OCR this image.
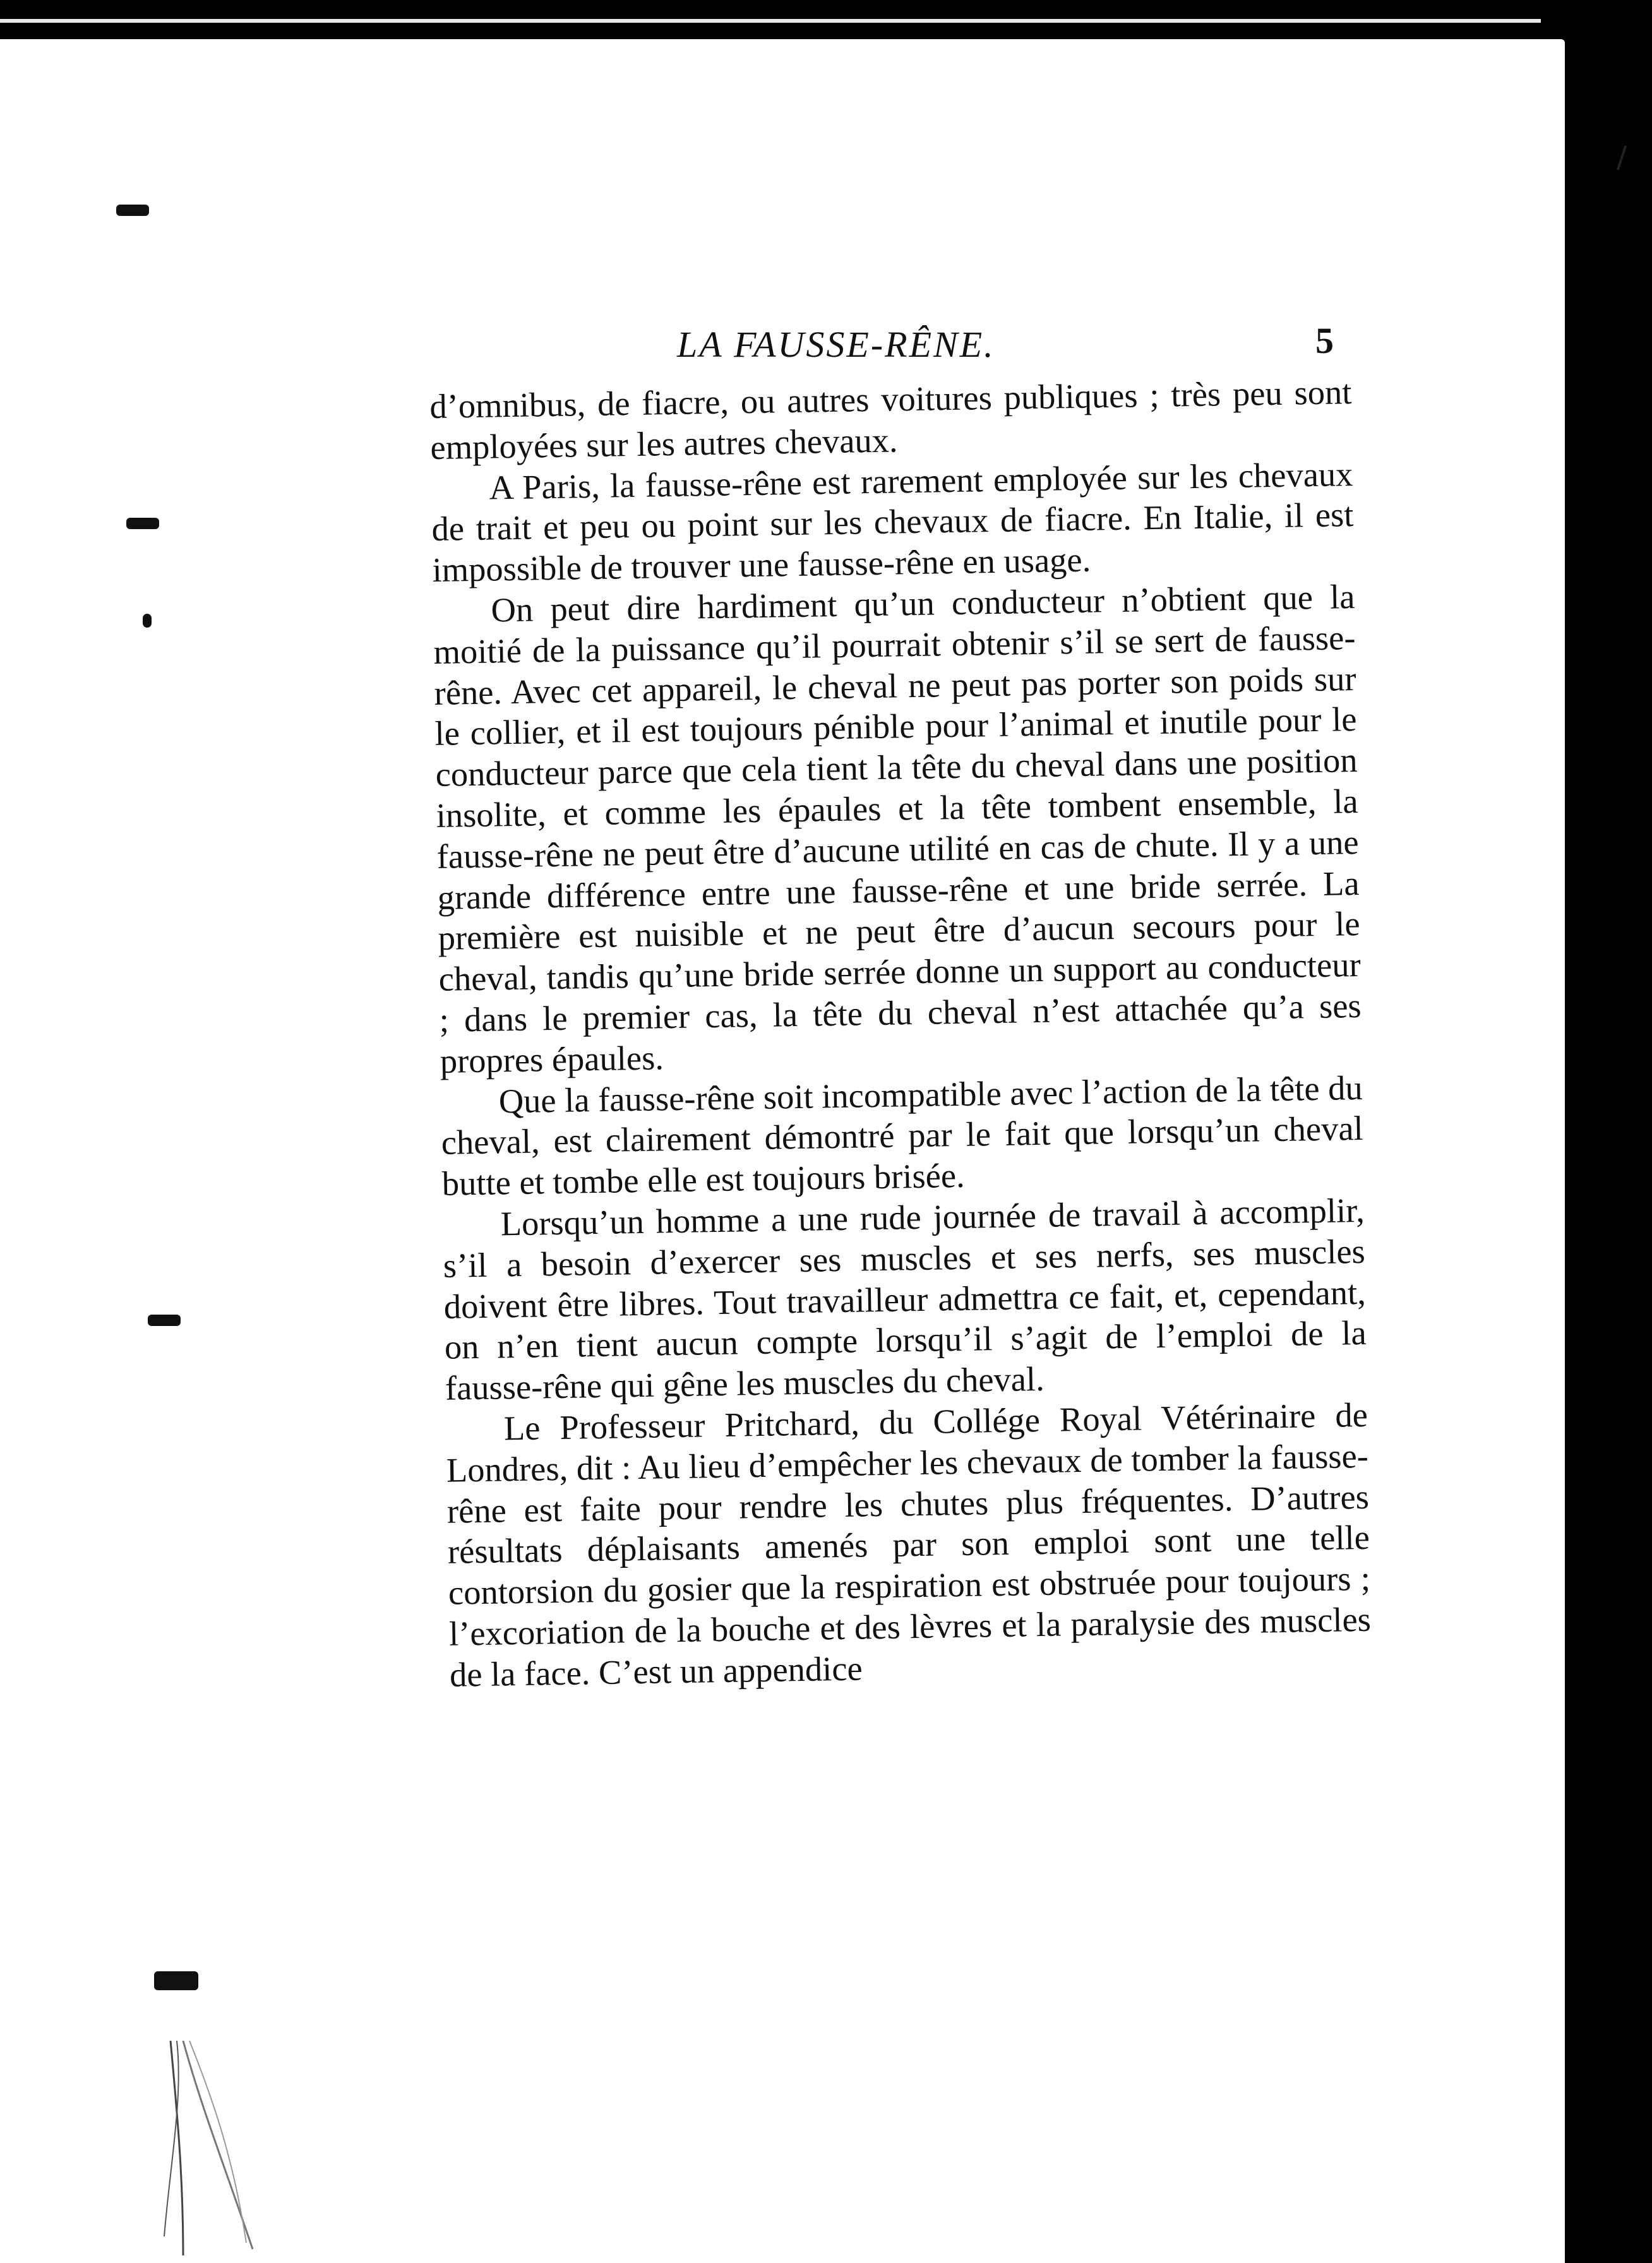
LA FAUSSE-RÊNE.	5

d’omnibus, de fiacre, ou autres voitures publiques ; très peu sont employées sur les autres chevaux.

A Paris, la fausse-rêne est rarement employée sur les chevaux de trait et peu ou point sur les chevaux de fiacre. En Italie, il est impossible de trouver une fausse-rêne en usage.

On peut dire hardiment qu’un conducteur n’obtient que la moitié de la puissance qu’il pourrait obtenir s’il se sert de fausse-rêne. Avec cet appareil, le cheval ne peut pas porter son poids sur le collier, et il est toujours pénible pour l’animal et inutile pour le conducteur parce que cela tient la tête du cheval dans une position insolite, et comme les épaules et la tête tombent ensemble, la fausse-rêne ne peut être d’aucune utilité en cas de chute. Il y a une grande différence entre une fausse-rêne et une bride serrée. La première est nuisible et ne peut être d’aucun secours pour le cheval, tandis qu’une bride serrée donne un support au conducteur ; dans le premier cas, la tête du cheval n’est attachée qu’a ses propres épaules.

Que la fausse-rêne soit incompatible avec l’action de la tête du cheval, est clairement démontré par le fait que lorsqu’un cheval butte et tombe elle est toujours brisée.

Lorsqu’un homme a une rude journée de travail à accomplir, s’il a besoin d’exercer ses muscles et ses nerfs, ses muscles doivent être libres. Tout travailleur admettra ce fait, et, cependant, on n’en tient aucun compte lorsqu’il s’agit de l’emploi de la fausse-rêne qui gêne les muscles du cheval.

Le Professeur Pritchard, du Collége Royal Vétérinaire de Londres, dit : Au lieu d’empêcher les chevaux de tomber la fausse-rêne est faite pour rendre les chutes plus fréquentes. D’autres résultats déplaisants amenés par son emploi sont une telle contorsion du gosier que la respiration est obstruée pour toujours ; l’excoriation de la bouche et des lèvres et la paralysie des muscles de la face. C’est un appendice
